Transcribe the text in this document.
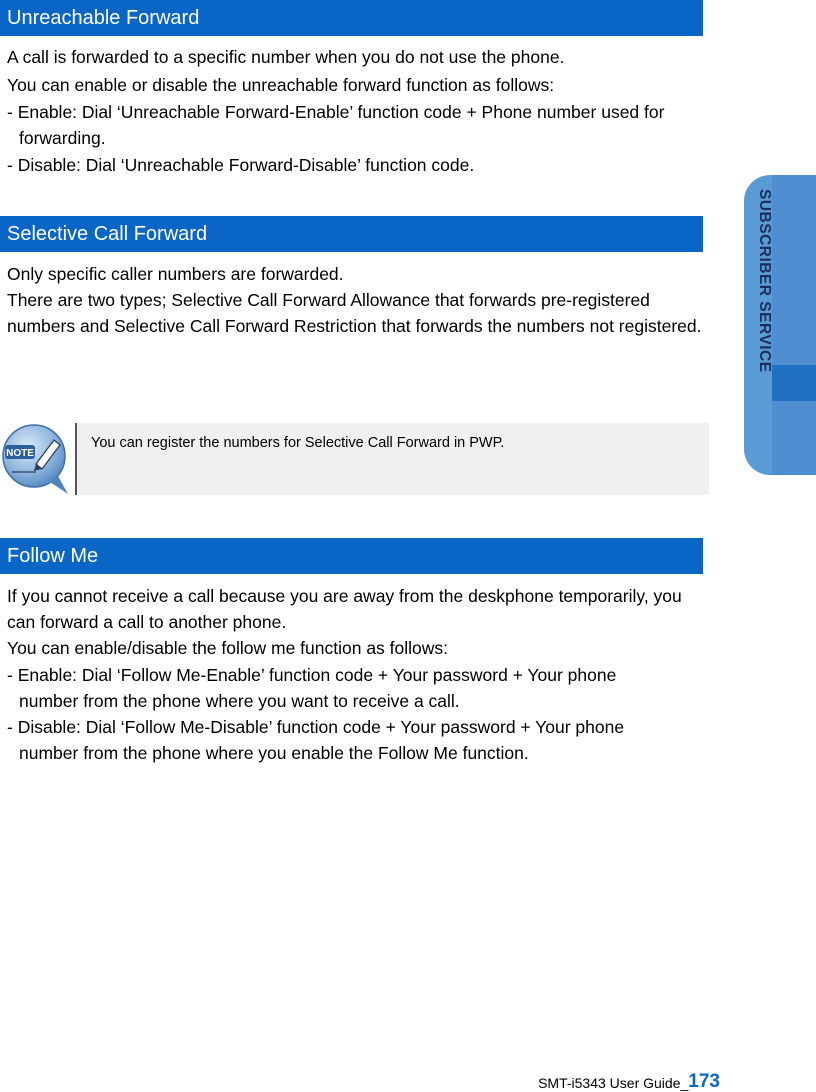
Unreachable Forward

A call is forwarded to a specific number when you do not use the phone.

You can enable or disable the unreachable forward function as follows:

- Enable: Dial ‘Unreachable Forward-Enable’ function code + Phone number used for forwarding.

- Disable: Dial ‘Unreachable Forward-Disable’ function code.

Selective Call Forward

Only specific caller numbers are forwarded.

There are two types; Selective Call Forward Allowance that forwards pre-registered numbers and Selective Call Forward Restriction that forwards the numbers not registered.

NOTE

You can register the numbers for Selective Call Forward in PWP.

Follow Me

If you cannot receive a call because you are away from the deskphone temporarily, you can forward a call to another phone.

You can enable/disable the follow me function as follows:

- Enable: Dial ‘Follow Me-Enable’ function code + Your password + Your phone number from the phone where you want to receive a call.

- Disable: Dial ‘Follow Me-Disable’ function code + Your password + Your phone number from the phone where you enable the Follow Me function.

SUBSCRIBER SERVICE
SMT-i5343 User Guide _ 173
